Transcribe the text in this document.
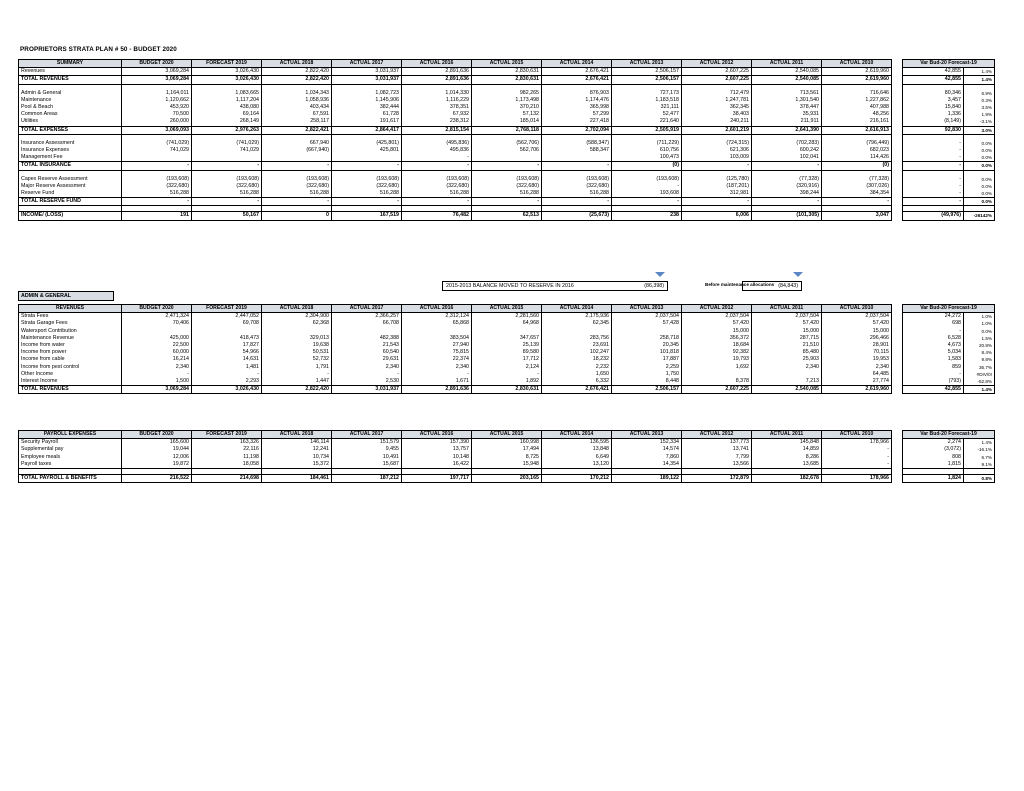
PROPRIETORS STRATA PLAN # 50 - BUDGET 2020
SUMMARY	BUDGET 2020	FORECAST 2019	ACTUAL 2018	ACTUAL 2017	ACTUAL 2016	ACTUAL 2015	ACTUAL 2014	ACTUAL 2013	ACTUAL 2012	ACTUAL 2011	ACTUAL 2010		Var Bud-20 Forecast-19	
Revenues	3,069,284	3,026,430	2,822,420	3,031,937	2,891,636	2,830,631	2,676,421	2,506,157	2,607,225	2,540,085	2,619,960		42,855	1.4%
TOTAL REVENUES	3,069,284	3,026,430	2,822,420	3,031,937	2,891,636	2,830,631	2,676,421	2,506,157	2,607,225	2,540,085	2,619,960		42,855	1.4%

Admin & General	1,164,011	1,083,665	1,034,343	1,082,723	1,014,330	982,265	876,903	727,173	712,479	713,561	716,646		80,346	6.9%
Maintenance	1,120,662	1,117,204	1,058,936	1,145,906	1,116,229	1,173,498	1,174,476	1,183,518	1,247,781	1,301,540	1,227,862		3,457	0.3%
Pool & Beach	453,920	438,080	403,434	382,444	378,351	370,210	365,998	321,111	362,345	378,447	407,988		15,840	3.5%
Common Areas	70,500	69,164	67,591	61,728	67,932	57,132	57,299	52,477	38,403	35,931	48,256		1,336	1.9%
Utilities	260,000	268,149	258,117	191,617	238,312	185,014	227,418	221,640	240,211	211,911	216,161		(8,149)	-3.1%
TOTAL EXPENSES	3,069,093	2,976,263	2,822,421	2,864,417	2,815,154	2,768,118	2,702,094	2,505,919	2,601,219	2,641,390	2,616,913		92,830	3.0%

Insurance Assessment	(741,029)	(741,029)	667,940	(425,801)	(495,836)	(562,706)	(588,347)	(711,229)	(724,315)	(702,283)	(796,449)		-	0.0%
Insurance Expenses	741,029	741,029	(667,940)	425,801	495,836	562,706	588,347	610,756	621,306	600,242	682,023		-	0.0%
Management Fee					-			100,473	103,009	102,041	114,426		-	0.0%
TOTAL INSURANCE	-	-	-	-	-	-	-	(0)	-	-	(0)		-	0.0%

Capex Reserve Assessment	(193,608)	(193,608)	(193,608)	(193,608)	(193,608)	(193,608)	(193,608)	(193,608)	(125,780)	(77,328)	(77,328)		-	0.0%
Major Reserve Assessment	(322,680)	(322,680)	(322,680)	(322,680)	(322,680)	(322,680)	(322,680)	-	(187,201)	(320,916)	(307,026)		-	0.0%
Reserve Fund	516,288	516,288	516,288	516,288	516,288	516,288	516,288	193,608	312,981	398,244	384,354		-	0.0%
TOTAL RESERVE FUND	-	-	-	-	-	-	-	-	-	-	-		-	0.0%

INCOME/ (LOSS)	191	50,167	0	167,519	76,482	62,513	(25,673)	238	6,006	(101,305)	3,047		(49,976)	-26142%
2015-2013 BALANCE MOVED TO RESERVE IN 2016	(86,398)	Before maintenance allocations (84,843)
ADMIN & GENERAL
REVENUES	BUDGET 2020	FORECAST 2019	ACTUAL 2018	ACTUAL 2017	ACTUAL 2016	ACTUAL 2015	ACTUAL 2014	ACTUAL 2013	ACTUAL 2012	ACTUAL 2011	ACTUAL 2010		Var Bud-20 Forecast-19	
Strata Fees	2,471,324	2,447,052	2,304,900	2,366,257	2,312,124	2,281,560	2,175,936	2,037,504	2,037,504	2,037,504	2,037,504		24,272	1.0%
Strata Garage Fees	70,406	69,708	62,368	66,708	65,868	64,968	62,345	57,428	57,420	57,420	57,420		698	1.0%
Watersport Contribution									15,000	15,000	15,000		-	0.0%
Maintenance Revenue	425,000	418,473	329,013	482,388	383,504	347,657	283,756	258,718	356,372	287,715	296,466		6,528	1.5%
Income from water	22,500	17,827	19,638	21,543	27,940	25,139	23,691	20,345	18,684	21,510	28,901		4,673	20.8%
Income from power	60,000	54,966	50,531	60,540	75,815	89,580	102,247	101,818	92,382	85,480	70,115		5,034	8.4%
Income from cable	16,214	14,631	52,732	29,631	22,374	17,712	18,232	17,887	19,793	25,903	19,953		1,583	9.8%
Income from pest control	2,340	1,481	1,791	2,340	2,340	2,124	2,232	2,259	1,692	2,340	2,340		859	36.7%
Other Income	-	-	-	-	-	-	1,650	1,750			64,485		-	#DIV/0!
Interest Income	1,500	2,293	1,447	2,530	1,671	1,892	6,332	8,448	8,378	7,213	27,774		(793)	-52.8%
TOTAL REVENUES	3,069,284	3,026,430	2,822,420	3,031,937	2,891,636	2,830,631	2,676,421	2,506,157	2,607,225	2,540,085	2,619,960		42,855	1.4%
PAYROLL EXPENSES	BUDGET 2020	FORECAST 2019	ACTUAL 2018	ACTUAL 2017	ACTUAL 2016	ACTUAL 2015	ACTUAL 2014	ACTUAL 2013	ACTUAL 2012	ACTUAL 2011	ACTUAL 2010		Var Bud-20 Forecast-19	
Security Payroll	165,600	163,326	146,114	151,579	157,390	160,998	136,595	152,334	137,773	145,848	178,966		2,274	1.4%
Supplemental pay	19,044	22,116	12,241	9,455	13,757	17,494	13,848	14,574	13,741	14,859	-		(3,072)	-16.1%
Employee meals	12,006	11,198	10,734	10,491	10,148	8,725	6,649	7,860	7,799	8,286	-		808	6.7%
Payroll taxes	19,872	18,058	15,372	15,687	16,422	15,948	13,120	14,354	13,566	13,685	-		1,815	9.1%

TOTAL PAYROLL & BENEFITS	216,522	214,698	184,461	187,212	197,717	203,165	170,212	189,122	172,879	182,678	178,966		1,824	0.8%
